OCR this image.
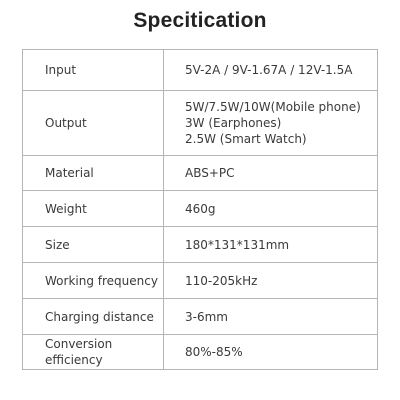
Specitication
Input	5V-2A / 9V-1.67A / 12V-1.5A

Output	5W/7.5W/10W(Mobile phone)
3W (Earphones)
2.5W (Smart Watch)

Material	ABS+PC

Weight	460g

Size	180*131*131mm

Working frequency	110-205kHz

Charging distance	3-6mm

Conversion efficiency	80%-85%
